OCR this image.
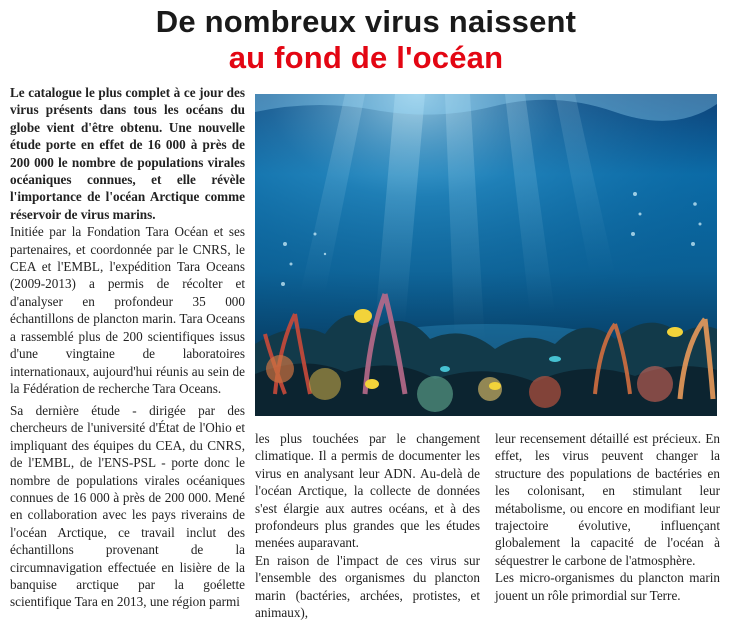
De nombreux virus naissent
au fond de l'océan

Le catalogue le plus complet à ce jour des virus présents dans tous les océans du globe vient d'être obtenu. Une nouvelle étude porte en effet de 16 000 à près de 200 000 le nombre de populations virales océaniques connues, et elle révèle l'importance de l'océan Arctique comme réservoir de virus marins.

Initiée par la Fondation Tara Océan et ses partenaires, et coordonnée par le CNRS, le CEA et l'EMBL, l'expédition Tara Oceans (2009-2013) a permis de récolter et d'analyser en profondeur 35 000 échantillons de plancton marin. Tara Oceans a rassemblé plus de 200 scientifiques issus d'une vingtaine de laboratoires internationaux, aujourd'hui réunis au sein de la Fédération de recherche Tara Oceans.

Sa dernière étude - dirigée par des chercheurs de l'université d'État de l'Ohio et impliquant des équipes du CEA, du CNRS, de l'EMBL, de l'ENS-PSL - porte donc le nombre de populations virales océaniques connues de 16 000 à près de 200 000. Mené en collaboration avec les pays riverains de l'océan Arctique, ce travail inclut des échantillons provenant de la circumnavigation effectuée en lisière de la banquise arctique par la goélette scientifique Tara en 2013, une région parmi

les plus touchées par le changement climatique. Il a permis de documenter les virus en analysant leur ADN. Au-delà de l'océan Arctique, la collecte de données s'est élargie aux autres océans, et à des profondeurs plus grandes que les études menées auparavant.

En raison de l'impact de ces virus sur l'ensemble des organismes du plancton marin (bactéries, archées, protistes, et animaux),

leur recensement détaillé est précieux. En effet, les virus peuvent changer la structure des populations de bactéries en les colonisant, en stimulant leur métabolisme, ou encore en modifiant leur trajectoire évolutive, influençant globalement la capacité de l'océan à séquestrer le carbone de l'atmosphère.

Les micro-organismes du plancton marin jouent un rôle primordial sur Terre.
